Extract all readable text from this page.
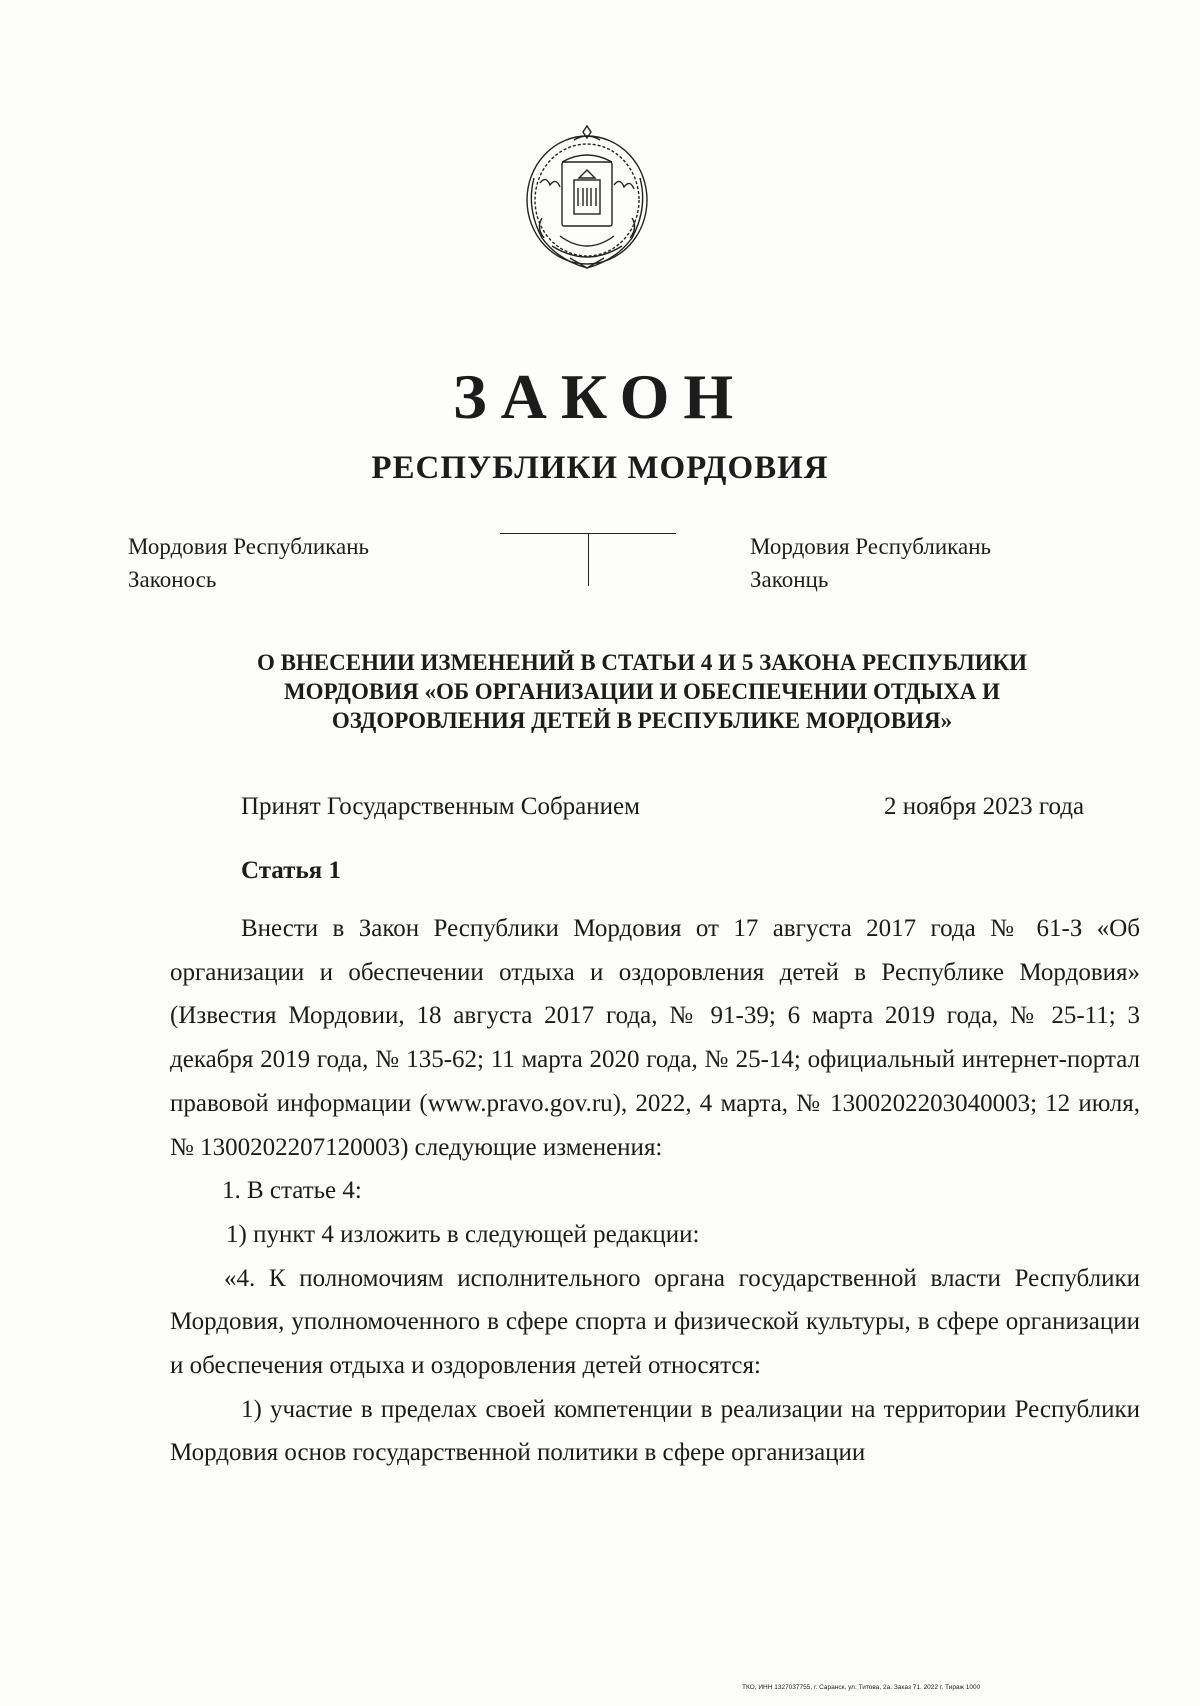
ЗАКОН
РЕСПУБЛИКИ МОРДОВИЯ
Мордовия Республикань
Законось
Мордовия Республикань
Законць
О ВНЕСЕНИИ ИЗМЕНЕНИЙ В СТАТЬИ 4 И 5 ЗАКОНА РЕСПУБЛИКИ
МОРДОВИЯ «ОБ ОРГАНИЗАЦИИ И ОБЕСПЕЧЕНИИ ОТДЫХА И
ОЗДОРОВЛЕНИЯ ДЕТЕЙ В РЕСПУБЛИКЕ МОРДОВИЯ»
Принят Государственным Собранием	2 ноября 2023 года
Статья 1

Внести в Закон Республики Мордовия от 17 августа 2017 года № 61-З «Об организации и обеспечении отдыха и оздоровления детей в Республике Мордовия» (Известия Мордовии, 18 августа 2017 года, № 91-39; 6 марта 2019 года, № 25-11; 3 декабря 2019 года, № 135-62; 11 марта 2020 года, № 25-14; официальный интернет-портал правовой информации (www.pravo.gov.ru), 2022, 4 марта, № 1300202203040003; 12 июля, № 1300202207120003) следующие изменения:

1. В статье 4:

1) пункт 4 изложить в следующей редакции:

«4. К полномочиям исполнительного органа государственной власти Республики Мордовия, уполномоченного в сфере спорта и физической культуры, в сфере организации и обеспечения отдыха и оздоровления детей относятся:

1) участие в пределах своей компетенции в реализации на территории Республики Мордовия основ государственной политики в сфере организации

ТКО, ИНН 1327037755, г. Саранск, ул. Титова, 2а. Заказ 71. 2022 г. Тираж 1000
